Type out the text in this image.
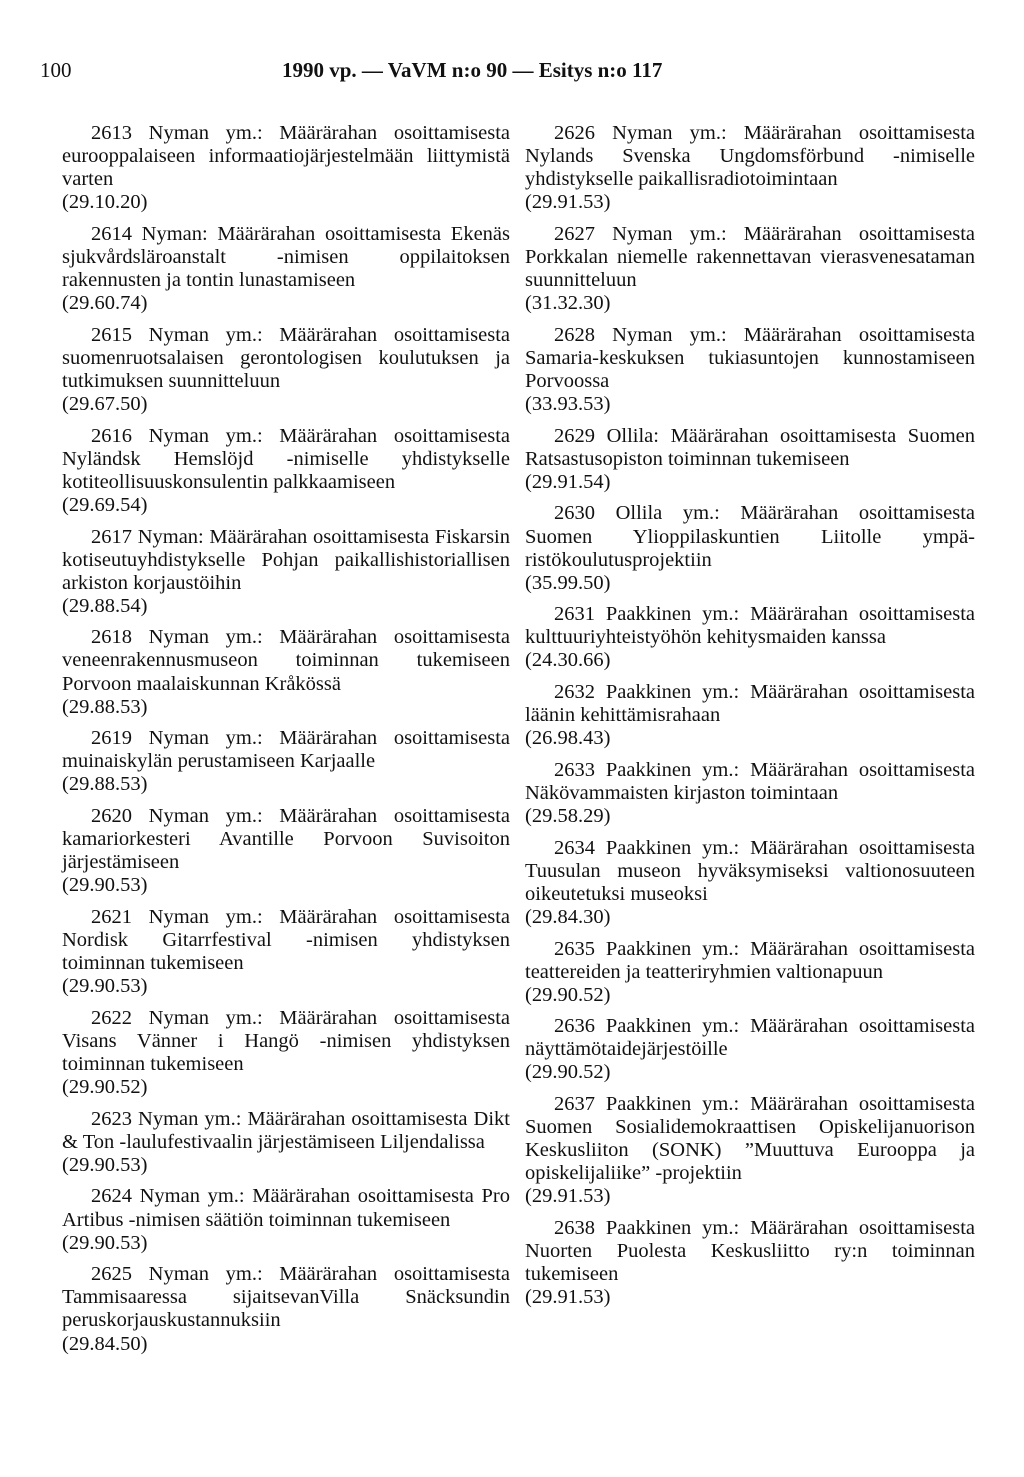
100	1990 vp. — VaVM n:o 90 — Esitys n:o 117
2613 Nyman ym.: Määrärahan osoittamisesta eurooppalaiseen informaatiojärjestelmään liittymistä varten
(29.10.20)
2614 Nyman: Määrärahan osoittamisesta Ekenäs sjukvårdsläroanstalt -nimisen oppilaitoksen rakennusten ja tontin lunastamiseen
(29.60.74)
2615 Nyman ym.: Määrärahan osoittamisesta suomenruotsalaisen gerontologisen koulutuksen ja tutkimuksen suunnitteluun
(29.67.50)
2616 Nyman ym.: Määrärahan osoittamisesta Nyländsk Hemslöjd -nimiselle yhdistykselle kotiteollisuuskonsulentin palkkaamiseen
(29.69.54)
2617 Nyman: Määrärahan osoittamisesta Fiskarsin kotiseutuyhdistykselle Pohjan paikallishistoriallisen arkiston korjaustöihin
(29.88.54)
2618 Nyman ym.: Määrärahan osoittamisesta veneenrakennusmuseon toiminnan tukemiseen Porvoon maalaiskunnan Kråkössä
(29.88.53)
2619 Nyman ym.: Määrärahan osoittamisesta muinaiskylän perustamiseen Karjaalle
(29.88.53)
2620 Nyman ym.: Määrärahan osoittamisesta kamariorkesteri Avantille Porvoon Suvisoiton järjestämiseen
(29.90.53)
2621 Nyman ym.: Määrärahan osoittamisesta Nordisk Gitarrfestival -nimisen yhdistyksen toiminnan tukemiseen
(29.90.53)
2622 Nyman ym.: Määrärahan osoittamisesta Visans Vänner i Hangö -nimisen yhdistyksen toiminnan tukemiseen
(29.90.52)
2623 Nyman ym.: Määrärahan osoittamisesta Dikt & Ton -laulufestivaalin järjestämiseen Liljendalissa
(29.90.53)
2624 Nyman ym.: Määrärahan osoittamisesta Pro Artibus -nimisen säätiön toiminnan tukemiseen
(29.90.53)
2625 Nyman ym.: Määrärahan osoittamisesta Tammisaaressa sijaitsevanVilla Snäcksundin peruskorjauskustannuksiin
(29.84.50)
2626 Nyman ym.: Määrärahan osoittamisesta Nylands Svenska Ungdomsförbund -nimiselle yhdistykselle paikallisradiotoimintaan
(29.91.53)
2627 Nyman ym.: Määrärahan osoittamisesta Porkkalan niemelle rakennettavan vierasvenesataman suunnitteluun
(31.32.30)
2628 Nyman ym.: Määrärahan osoittamisesta Samaria-keskuksen tukiasuntojen kunnostamiseen Porvoossa
(33.93.53)
2629 Ollila: Määrärahan osoittamisesta Suomen Ratsastusopiston toiminnan tukemiseen
(29.91.54)
2630 Ollila ym.: Määrärahan osoittamisesta Suomen Ylioppilaskuntien Liitolle ympäristökoulutusprojektiin
(35.99.50)
2631 Paakkinen ym.: Määrärahan osoittamisesta kulttuuriyhteistyöhön kehitysmaiden kanssa
(24.30.66)
2632 Paakkinen ym.: Määrärahan osoittamisesta läänin kehittämisrahaan
(26.98.43)
2633 Paakkinen ym.: Määrärahan osoittamisesta Näkövammaisten kirjaston toimintaan
(29.58.29)
2634 Paakkinen ym.: Määrärahan osoittamisesta Tuusulan museon hyväksymiseksi valtionosuuteen oikeutetuksi museoksi
(29.84.30)
2635 Paakkinen ym.: Määrärahan osoittamisesta teattereiden ja teatteriryhmien valtionapuun
(29.90.52)
2636 Paakkinen ym.: Määrärahan osoittamisesta näyttämötaidejärjestöille
(29.90.52)
2637 Paakkinen ym.: Määrärahan osoittamisesta Suomen Sosialidemokraattisen Opiskelijanuorison Keskusliiton (SONK) ”Muuttuva Eurooppa ja opiskelijaliike” -projektiin
(29.91.53)
2638 Paakkinen ym.: Määrärahan osoittamisesta Nuorten Puolesta Keskusliitto ry:n toiminnan tukemiseen
(29.91.53)
